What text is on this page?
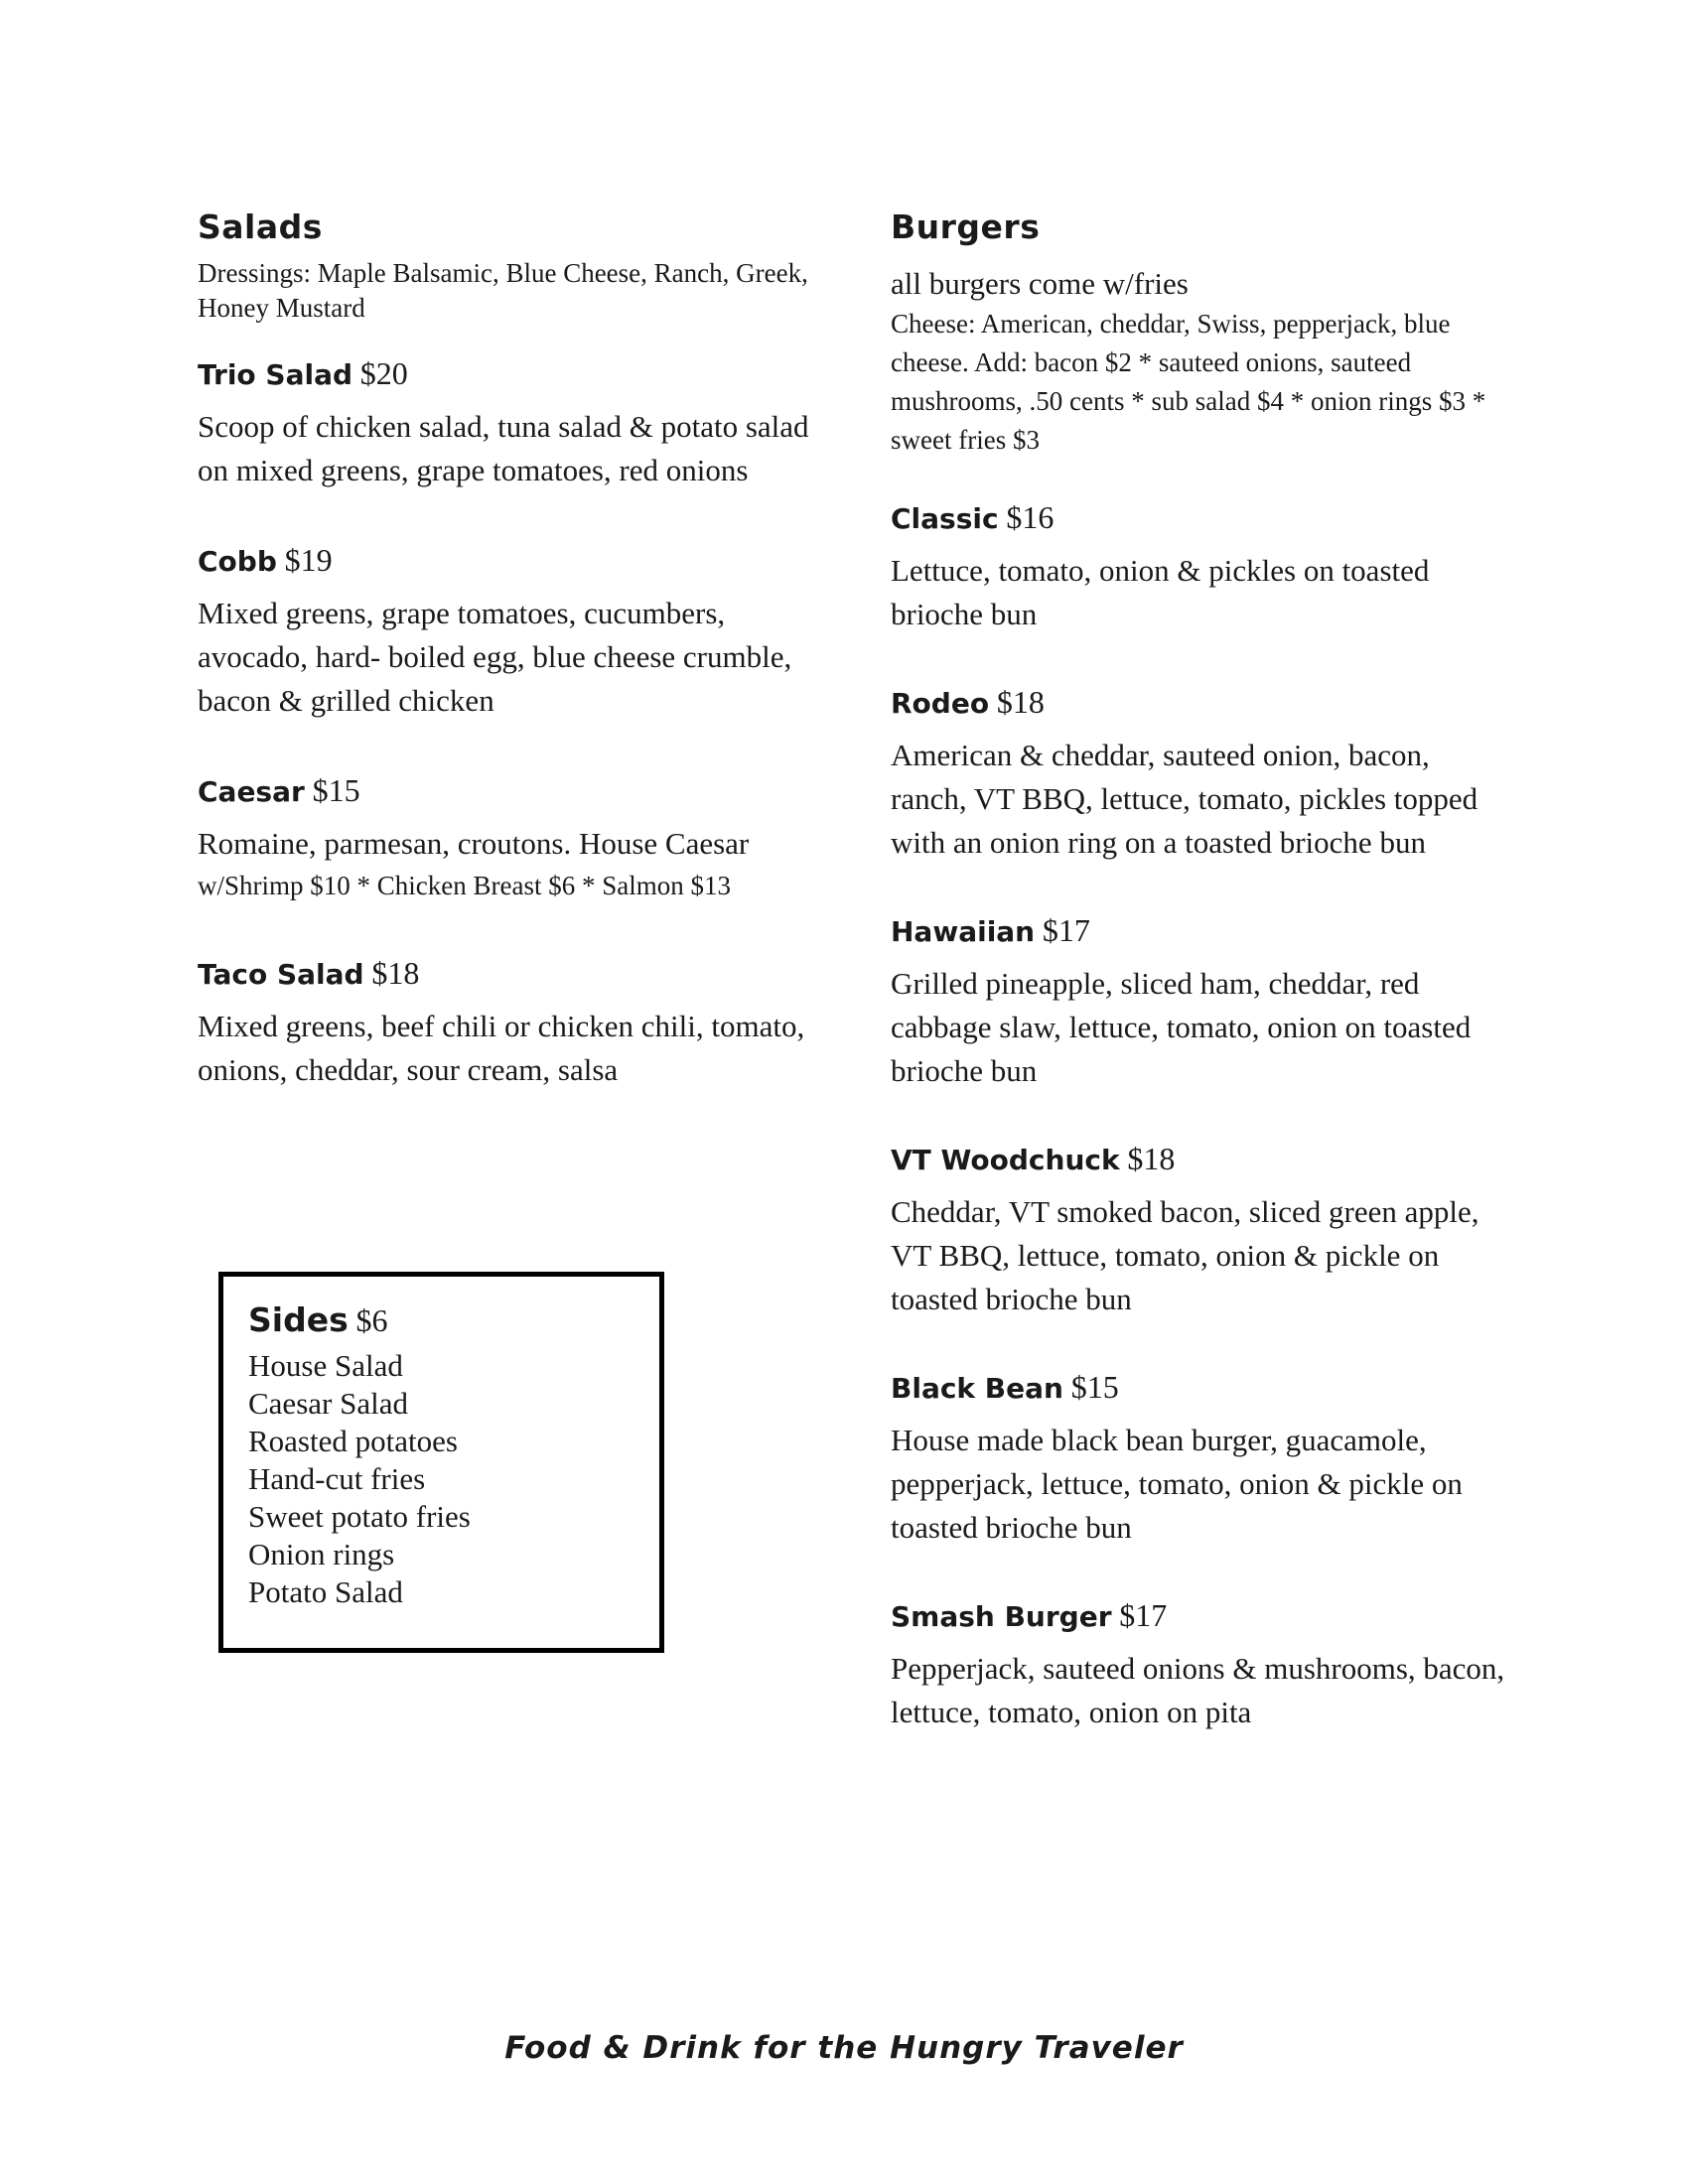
Salads

Dressings: Maple Balsamic, Blue Cheese, Ranch, Greek, Honey Mustard

Trio Salad $20

Scoop of chicken salad, tuna salad & potato salad on mixed greens, grape tomatoes, red onions

Cobb $19

Mixed greens, grape tomatoes, cucumbers, avocado, hard- boiled egg, blue cheese crumble, bacon & grilled chicken

Caesar $15

Romaine, parmesan, croutons. House Caesar

w/Shrimp $10 * Chicken Breast $6 * Salmon $13

Taco Salad $18

Mixed greens, beef chili or chicken chili, tomato, onions, cheddar, sour cream, salsa

Sides $6

House Salad
Caesar Salad
Roasted potatoes
Hand-cut fries
Sweet potato fries
Onion rings
Potato Salad
Burgers

all burgers come w/fries

Cheese: American, cheddar, Swiss, pepperjack, blue cheese. Add: bacon $2 * sauteed onions, sauteed mushrooms, .50 cents * sub salad $4 * onion rings $3 * sweet fries $3

Classic $16

Lettuce, tomato, onion & pickles on toasted brioche bun

Rodeo $18

American & cheddar, sauteed onion, bacon, ranch, VT BBQ, lettuce, tomato, pickles topped with an onion ring on a toasted brioche bun

Hawaiian $17

Grilled pineapple, sliced ham, cheddar, red cabbage slaw, lettuce, tomato, onion on toasted brioche bun

VT Woodchuck $18

Cheddar, VT smoked bacon, sliced green apple, VT BBQ, lettuce, tomato, onion & pickle on toasted brioche bun

Black Bean $15

House made black bean burger, guacamole, pepperjack, lettuce, tomato, onion & pickle on toasted brioche bun

Smash Burger $17

Pepperjack, sauteed onions & mushrooms, bacon, lettuce, tomato, onion on pita

Food & Drink for the Hungry Traveler
